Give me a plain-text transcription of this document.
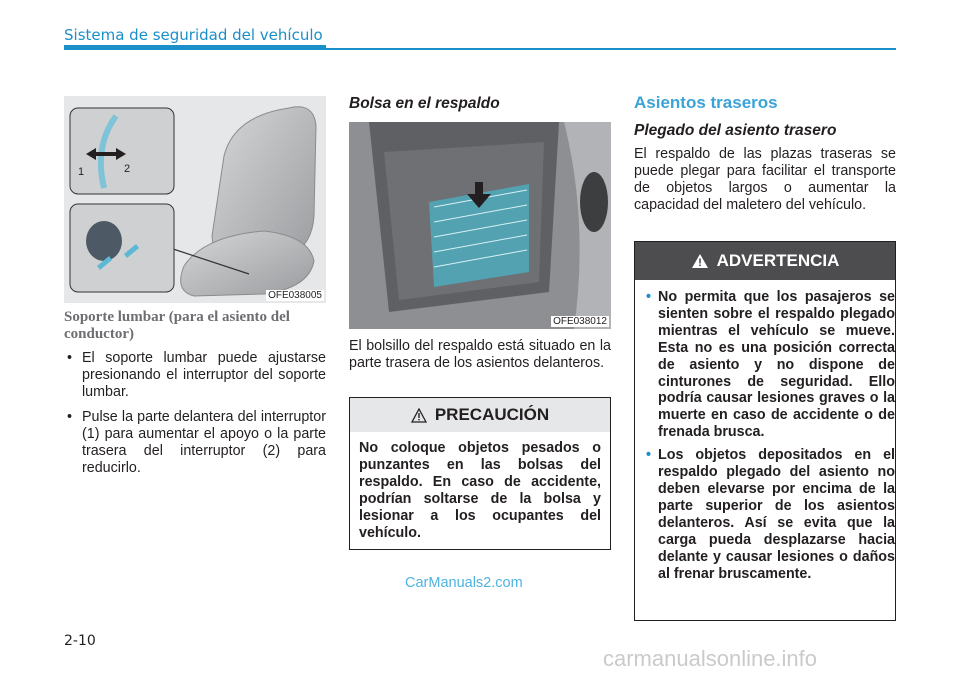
Sistema de seguridad del vehículo
1	2
OFE038005
Soporte lumbar (para el asiento del conductor)
• El soporte lumbar puede ajustarse presionando el interruptor del soporte lumbar.
• Pulse la parte delantera del interruptor (1) para aumentar el apoyo o la parte trasera del interruptor (2) para reducirlo.
Bolsa en el respaldo
OFE038012
El bolsillo del respaldo está situado en la parte trasera de los asientos delanteros.
PRECAUCIÓN
No coloque objetos pesados o punzantes en las bolsas del respaldo. En caso de accidente, podrían soltarse de la bolsa y lesionar a los ocupantes del vehículo.
Asientos traseros
Plegado del asiento trasero
El respaldo de las plazas traseras se puede plegar para facilitar el transporte de objetos largos o aumentar la capacidad del maletero del vehículo.
ADVERTENCIA
• No permita que los pasajeros se sienten sobre el respaldo plegado mientras el vehículo se mueve. Esta no es una posición correcta de asiento y no dispone de cinturones de seguridad. Ello podría causar lesiones graves o la muerte en caso de accidente o de frenada brusca.
• Los objetos depositados en el respaldo plegado del asiento no deben elevarse por encima de la parte superior de los asientos delanteros. Así se evita que la carga pueda desplazarse hacia delante y causar lesiones o daños al frenar bruscamente.
CarManuals2.com
2-10
carmanualsonline.info
